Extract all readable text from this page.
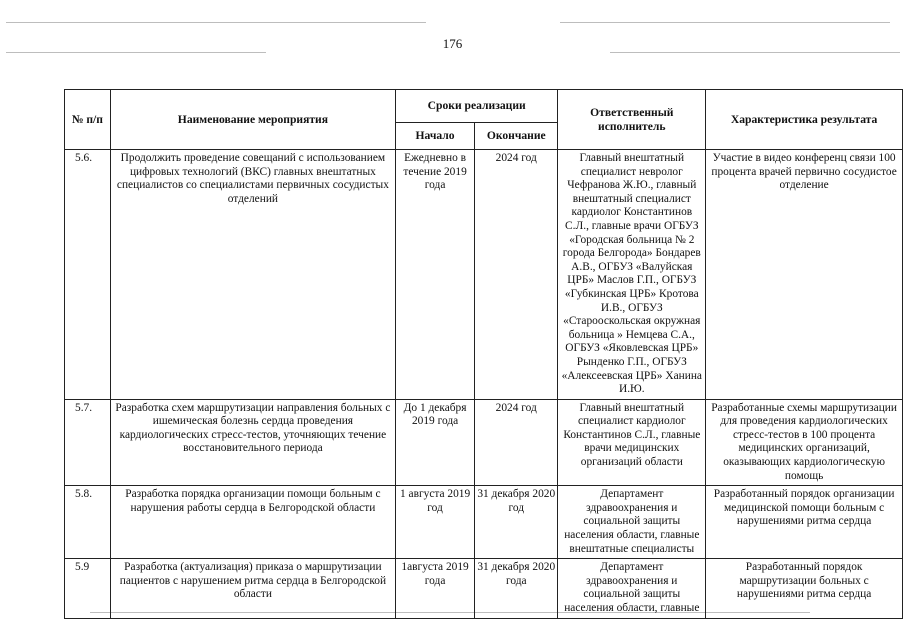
176
№ п/п	Наименование мероприятия	Сроки реализации		Ответственный исполнитель	Характеристика результата
		Начало	Окончание		
5.6.	Продолжить проведение совещаний с использованием цифровых технологий (ВКС) главных внештатных специалистов со специалистами первичных сосудистых отделений	Ежедневно в течение 2019 года	2024 год	Главный внештатный специалист невролог Чефранова Ж.Ю., главный внештатный специалист кардиолог Константинов С.Л., главные врачи ОГБУЗ «Городская больница № 2 города Белгорода» Бондарев А.В., ОГБУЗ «Валуйская ЦРБ» Маслов Г.П., ОГБУЗ «Губкинская ЦРБ» Кротова И.В., ОГБУЗ «Старооскольская окружная больница » Немцева С.А., ОГБУЗ «Яковлевская ЦРБ» Рынденко Г.П., ОГБУЗ «Алексеевская ЦРБ» Ханина И.Ю.	Участие в видео конференц связи 100 процента врачей первично сосудистое отделение
5.7.	Разработка схем маршрутизации направления больных с ишемическая болезнь сердца проведения кардиологических стресс-тестов, уточняющих течение восстановительного периода	До 1 декабря 2019 года	2024 год	Главный внештатный специалист кардиолог Константинов С.Л., главные врачи медицинских организаций области	Разработанные схемы маршрутизации для проведения кардиологических стресс-тестов в 100 процента медицинских организаций, оказывающих кардиологическую помощь
5.8.	Разработка порядка организации помощи больным с нарушения работы сердца в Белгородской области	1 августа 2019 год	31 декабря 2020 год	Департамент здравоохранения и социальной защиты населения области, главные внештатные специалисты	Разработанный порядок организации медицинской помощи больным с нарушениями ритма сердца
5.9	Разработка (актуализация) приказа о маршрутизации пациентов с нарушением ритма сердца в Белгородской области	1августа 2019 года	31 декабря 2020 года	Департамент здравоохранения и социальной защиты населения области, главные	Разработанный порядок маршрутизации больных с нарушениями ритма сердца
